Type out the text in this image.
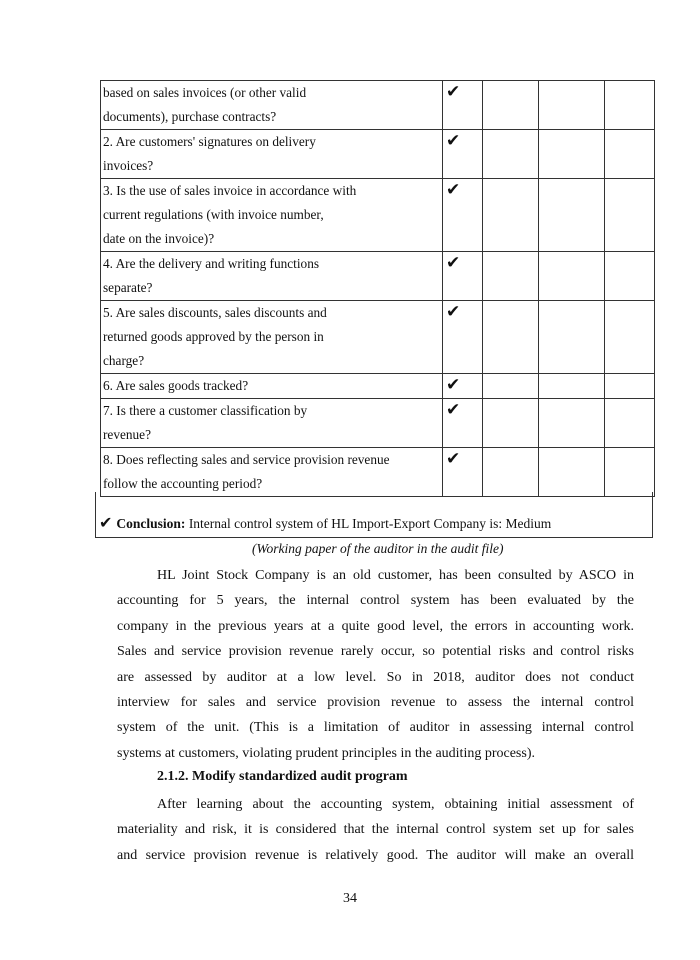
based on sales invoices (or other valid
documents), purchase contracts?	✔			
2. Are customers' signatures on delivery
invoices?	✔			
3. Is the use of sales invoice in accordance with
current regulations (with invoice number,
date on the invoice)?	✔			
4. Are the delivery and writing functions
separate?	✔			
5. Are sales discounts, sales discounts and
returned goods approved by the person in
charge?	✔			
6. Are sales goods tracked?	✔			
7. Is there a customer classification by
revenue?	✔			
8. Does reflecting sales and service provision revenue
follow the accounting period?	✔			
✔ Conclusion: Internal control system of HL Import-Export Company is: Medium
(Working paper of the auditor in the audit file)
HL Joint Stock Company is an old customer, has been consulted by ASCO in
accounting for 5 years, the internal control system has been evaluated by the
company in the previous years at a quite good level, the errors in accounting work.
Sales and service provision revenue rarely occur, so potential risks and control risks
are assessed by auditor at a low level. So in 2018, auditor does not conduct
interview for sales and service provision revenue to assess the internal control
system of the unit. (This is a limitation of auditor in assessing internal control
systems at customers, violating prudent principles in the auditing process).
2.1.2. Modify standardized audit program
After learning about the accounting system, obtaining initial assessment of
materiality and risk, it is considered that the internal control system set up for sales
and service provision revenue is relatively good. The auditor will make an overall
34
